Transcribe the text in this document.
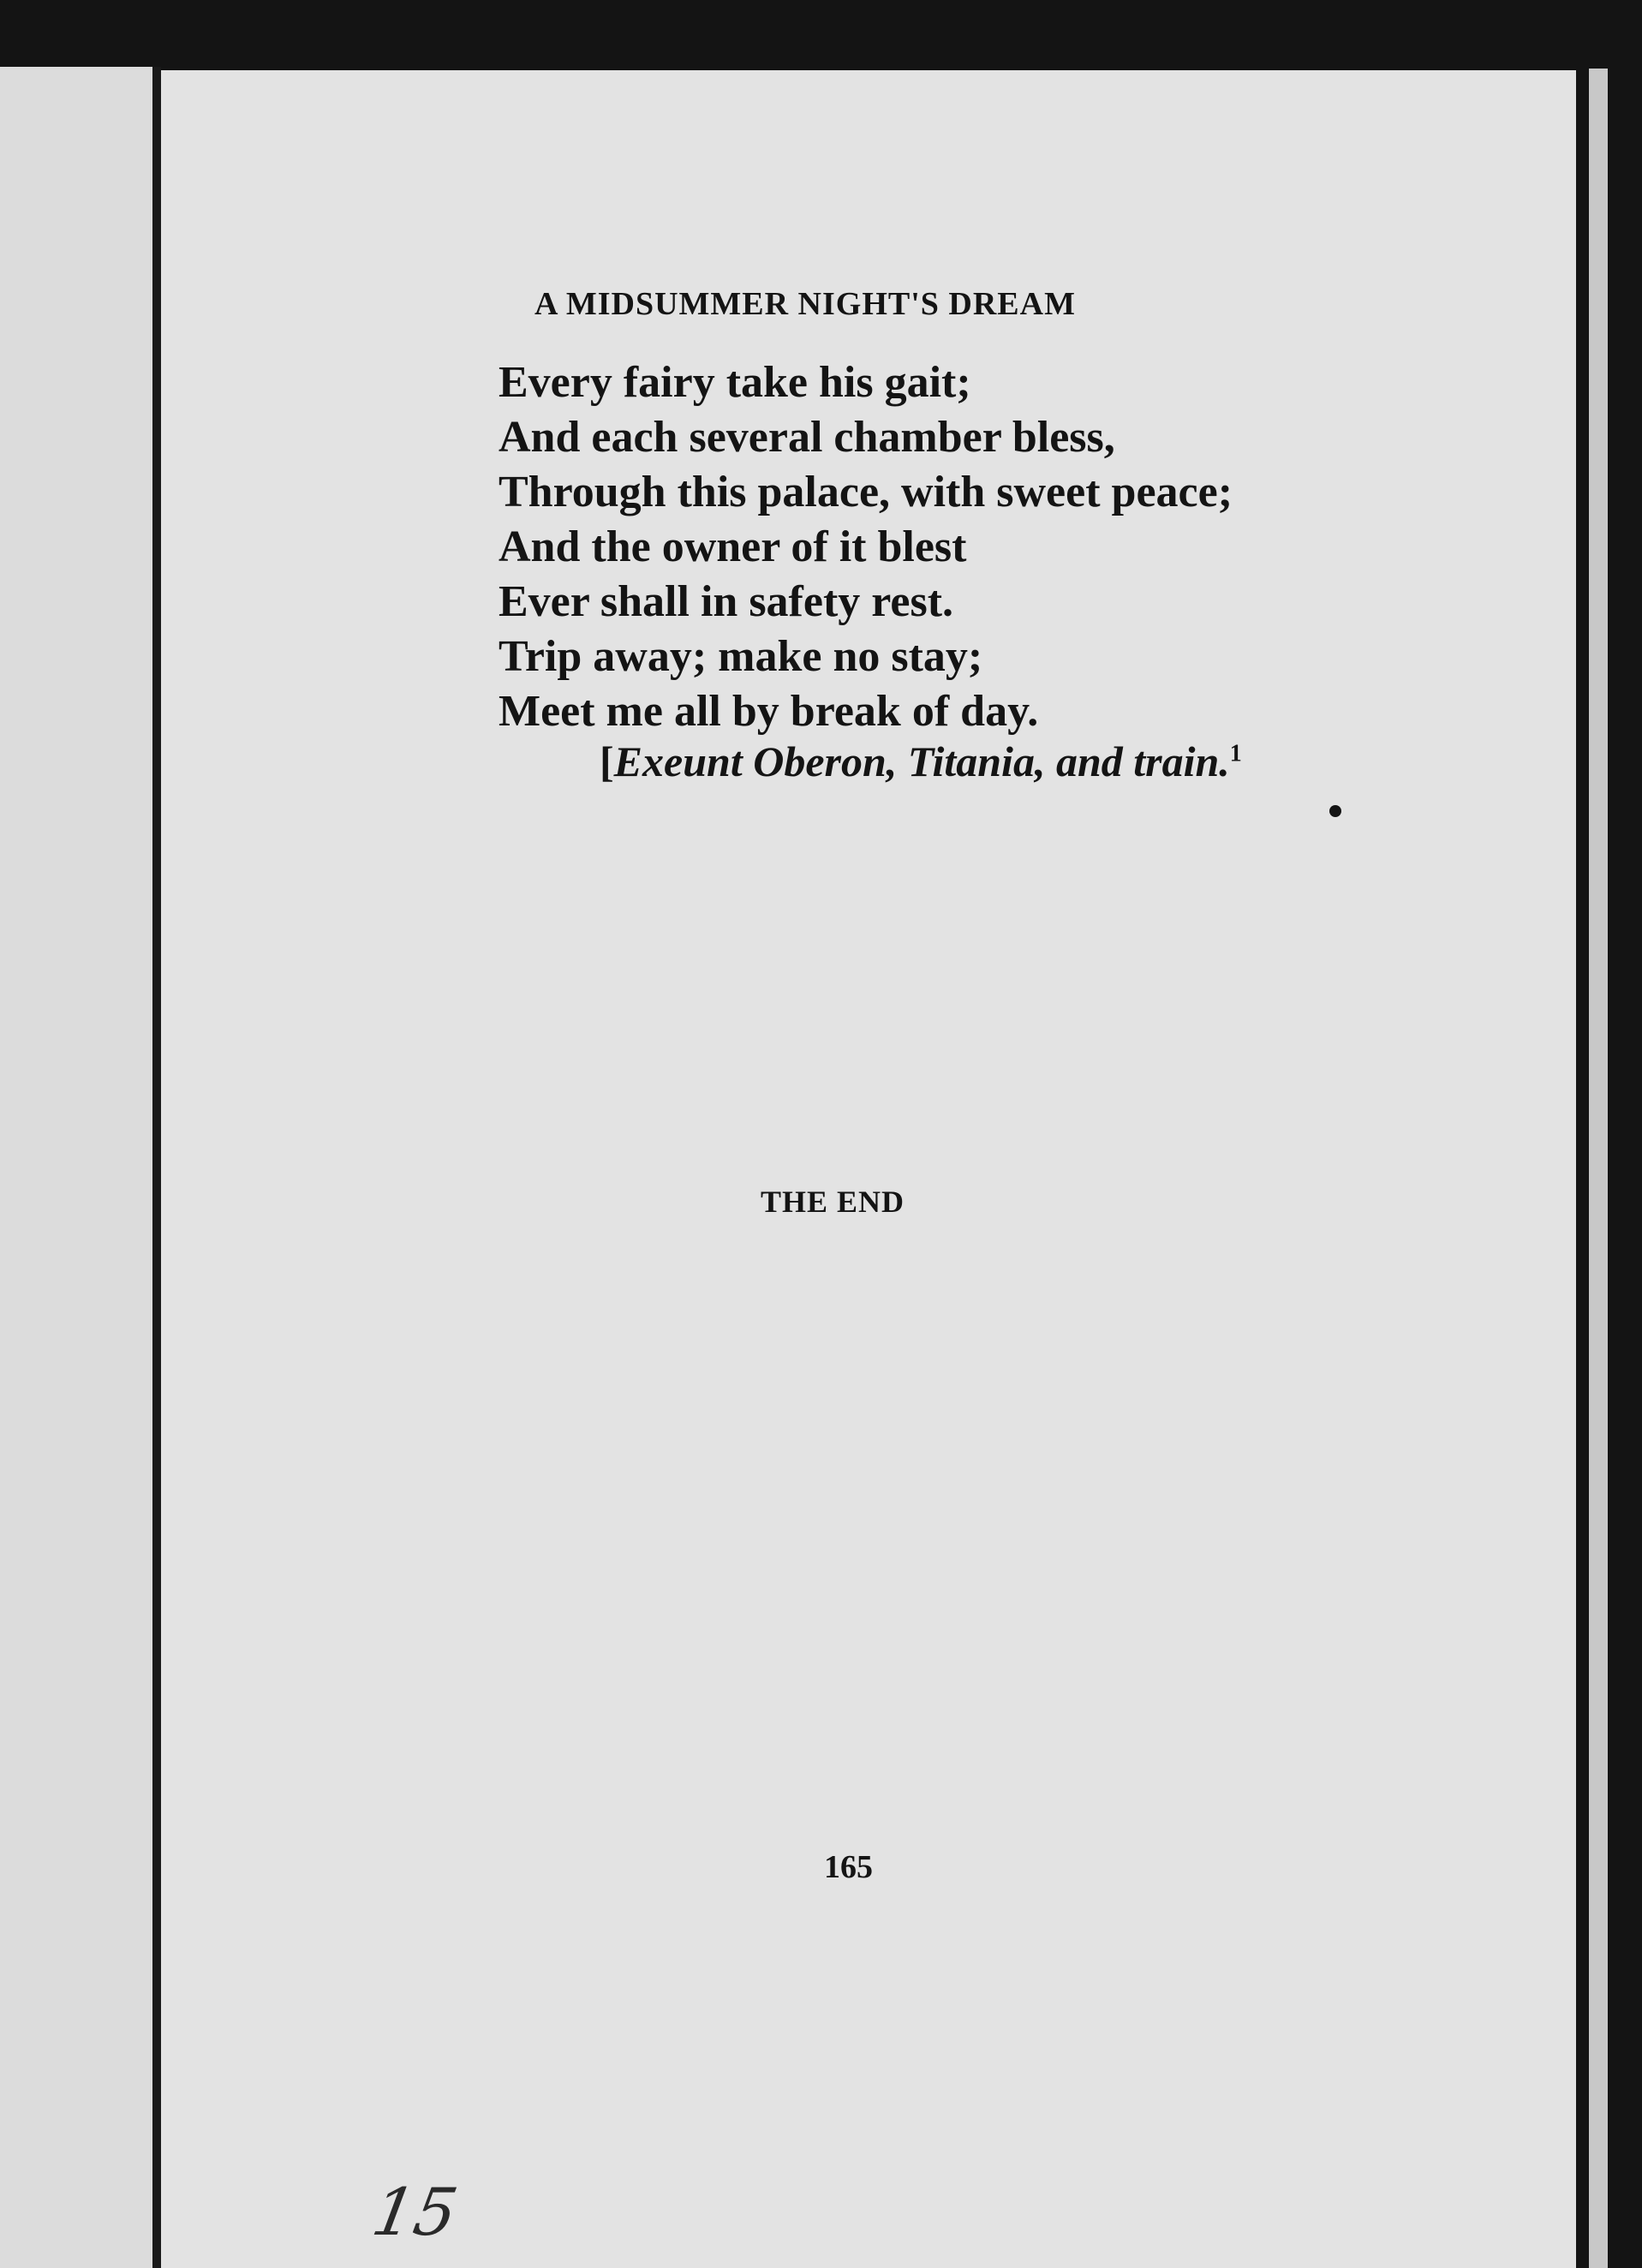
A MIDSUMMER NIGHT'S DREAM
Every fairy take his gait;
And each several chamber bless,
Through this palace, with sweet peace;
And the owner of it blest
Ever shall in safety rest.
Trip away; make no stay;
Meet me all by break of day.
[Exeunt Oberon, Titania, and train.$^1$
THE END
165
15
